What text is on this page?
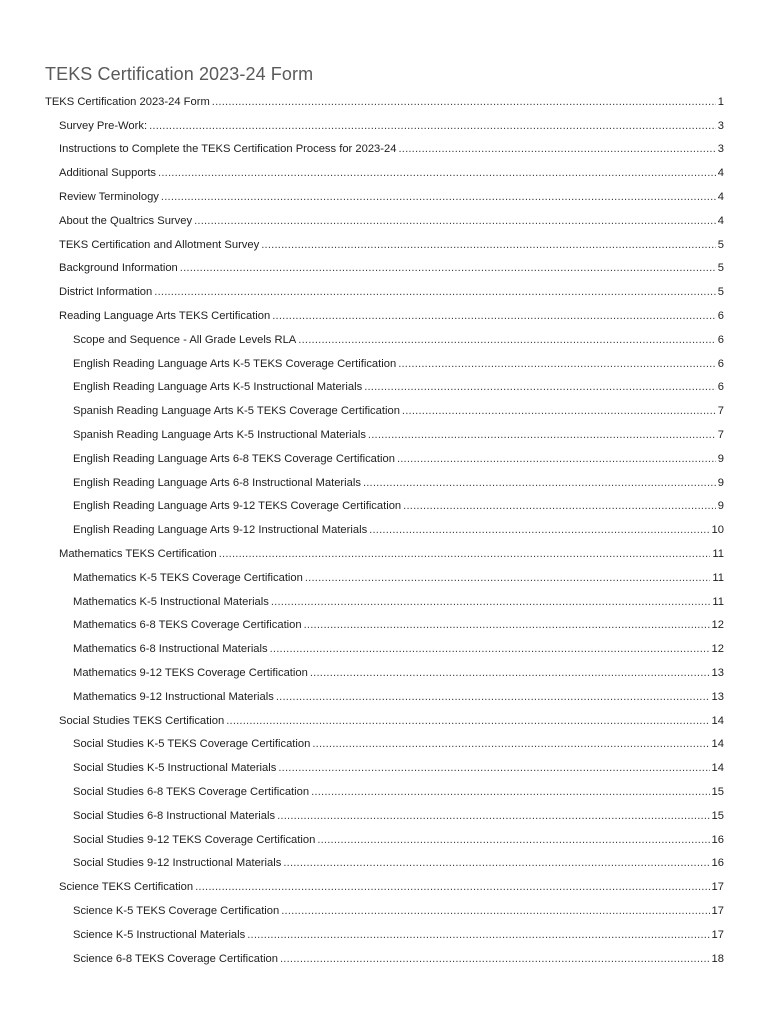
TEKS Certification 2023-24 Form
TEKS Certification 2023-24 Form .....	1
Survey Pre-Work: .....	3
Instructions to Complete the TEKS Certification Process for 2023-24 .....	3
Additional Supports .....	4
Review Terminology .....	4
About the Qualtrics Survey .....	4
TEKS Certification and Allotment Survey .....	5
Background Information .....	5
District Information .....	5
Reading Language Arts TEKS Certification .....	6
Scope and Sequence - All Grade Levels RLA .....	6
English Reading Language Arts K-5 TEKS Coverage Certification .....	6
English Reading Language Arts K-5 Instructional Materials .....	6
Spanish Reading Language Arts K-5 TEKS Coverage Certification .....	7
Spanish Reading Language Arts K-5 Instructional Materials .....	7
English Reading Language Arts 6-8 TEKS Coverage Certification .....	9
English Reading Language Arts 6-8 Instructional Materials .....	9
English Reading Language Arts 9-12 TEKS Coverage Certification .....	9
English Reading Language Arts 9-12 Instructional Materials .....	10
Mathematics TEKS Certification .....	11
Mathematics K-5 TEKS Coverage Certification .....	11
Mathematics K-5 Instructional Materials .....	11
Mathematics 6-8 TEKS Coverage Certification .....	12
Mathematics 6-8 Instructional Materials .....	12
Mathematics 9-12 TEKS Coverage Certification .....	13
Mathematics 9-12 Instructional Materials .....	13
Social Studies TEKS Certification .....	14
Social Studies K-5 TEKS Coverage Certification .....	14
Social Studies K-5 Instructional Materials .....	14
Social Studies 6-8 TEKS Coverage Certification .....	15
Social Studies 6-8 Instructional Materials .....	15
Social Studies 9-12 TEKS Coverage Certification .....	16
Social Studies 9-12 Instructional Materials .....	16
Science TEKS Certification .....	17
Science K-5 TEKS Coverage Certification .....	17
Science K-5 Instructional Materials .....	17
Science 6-8 TEKS Coverage Certification .....	18
